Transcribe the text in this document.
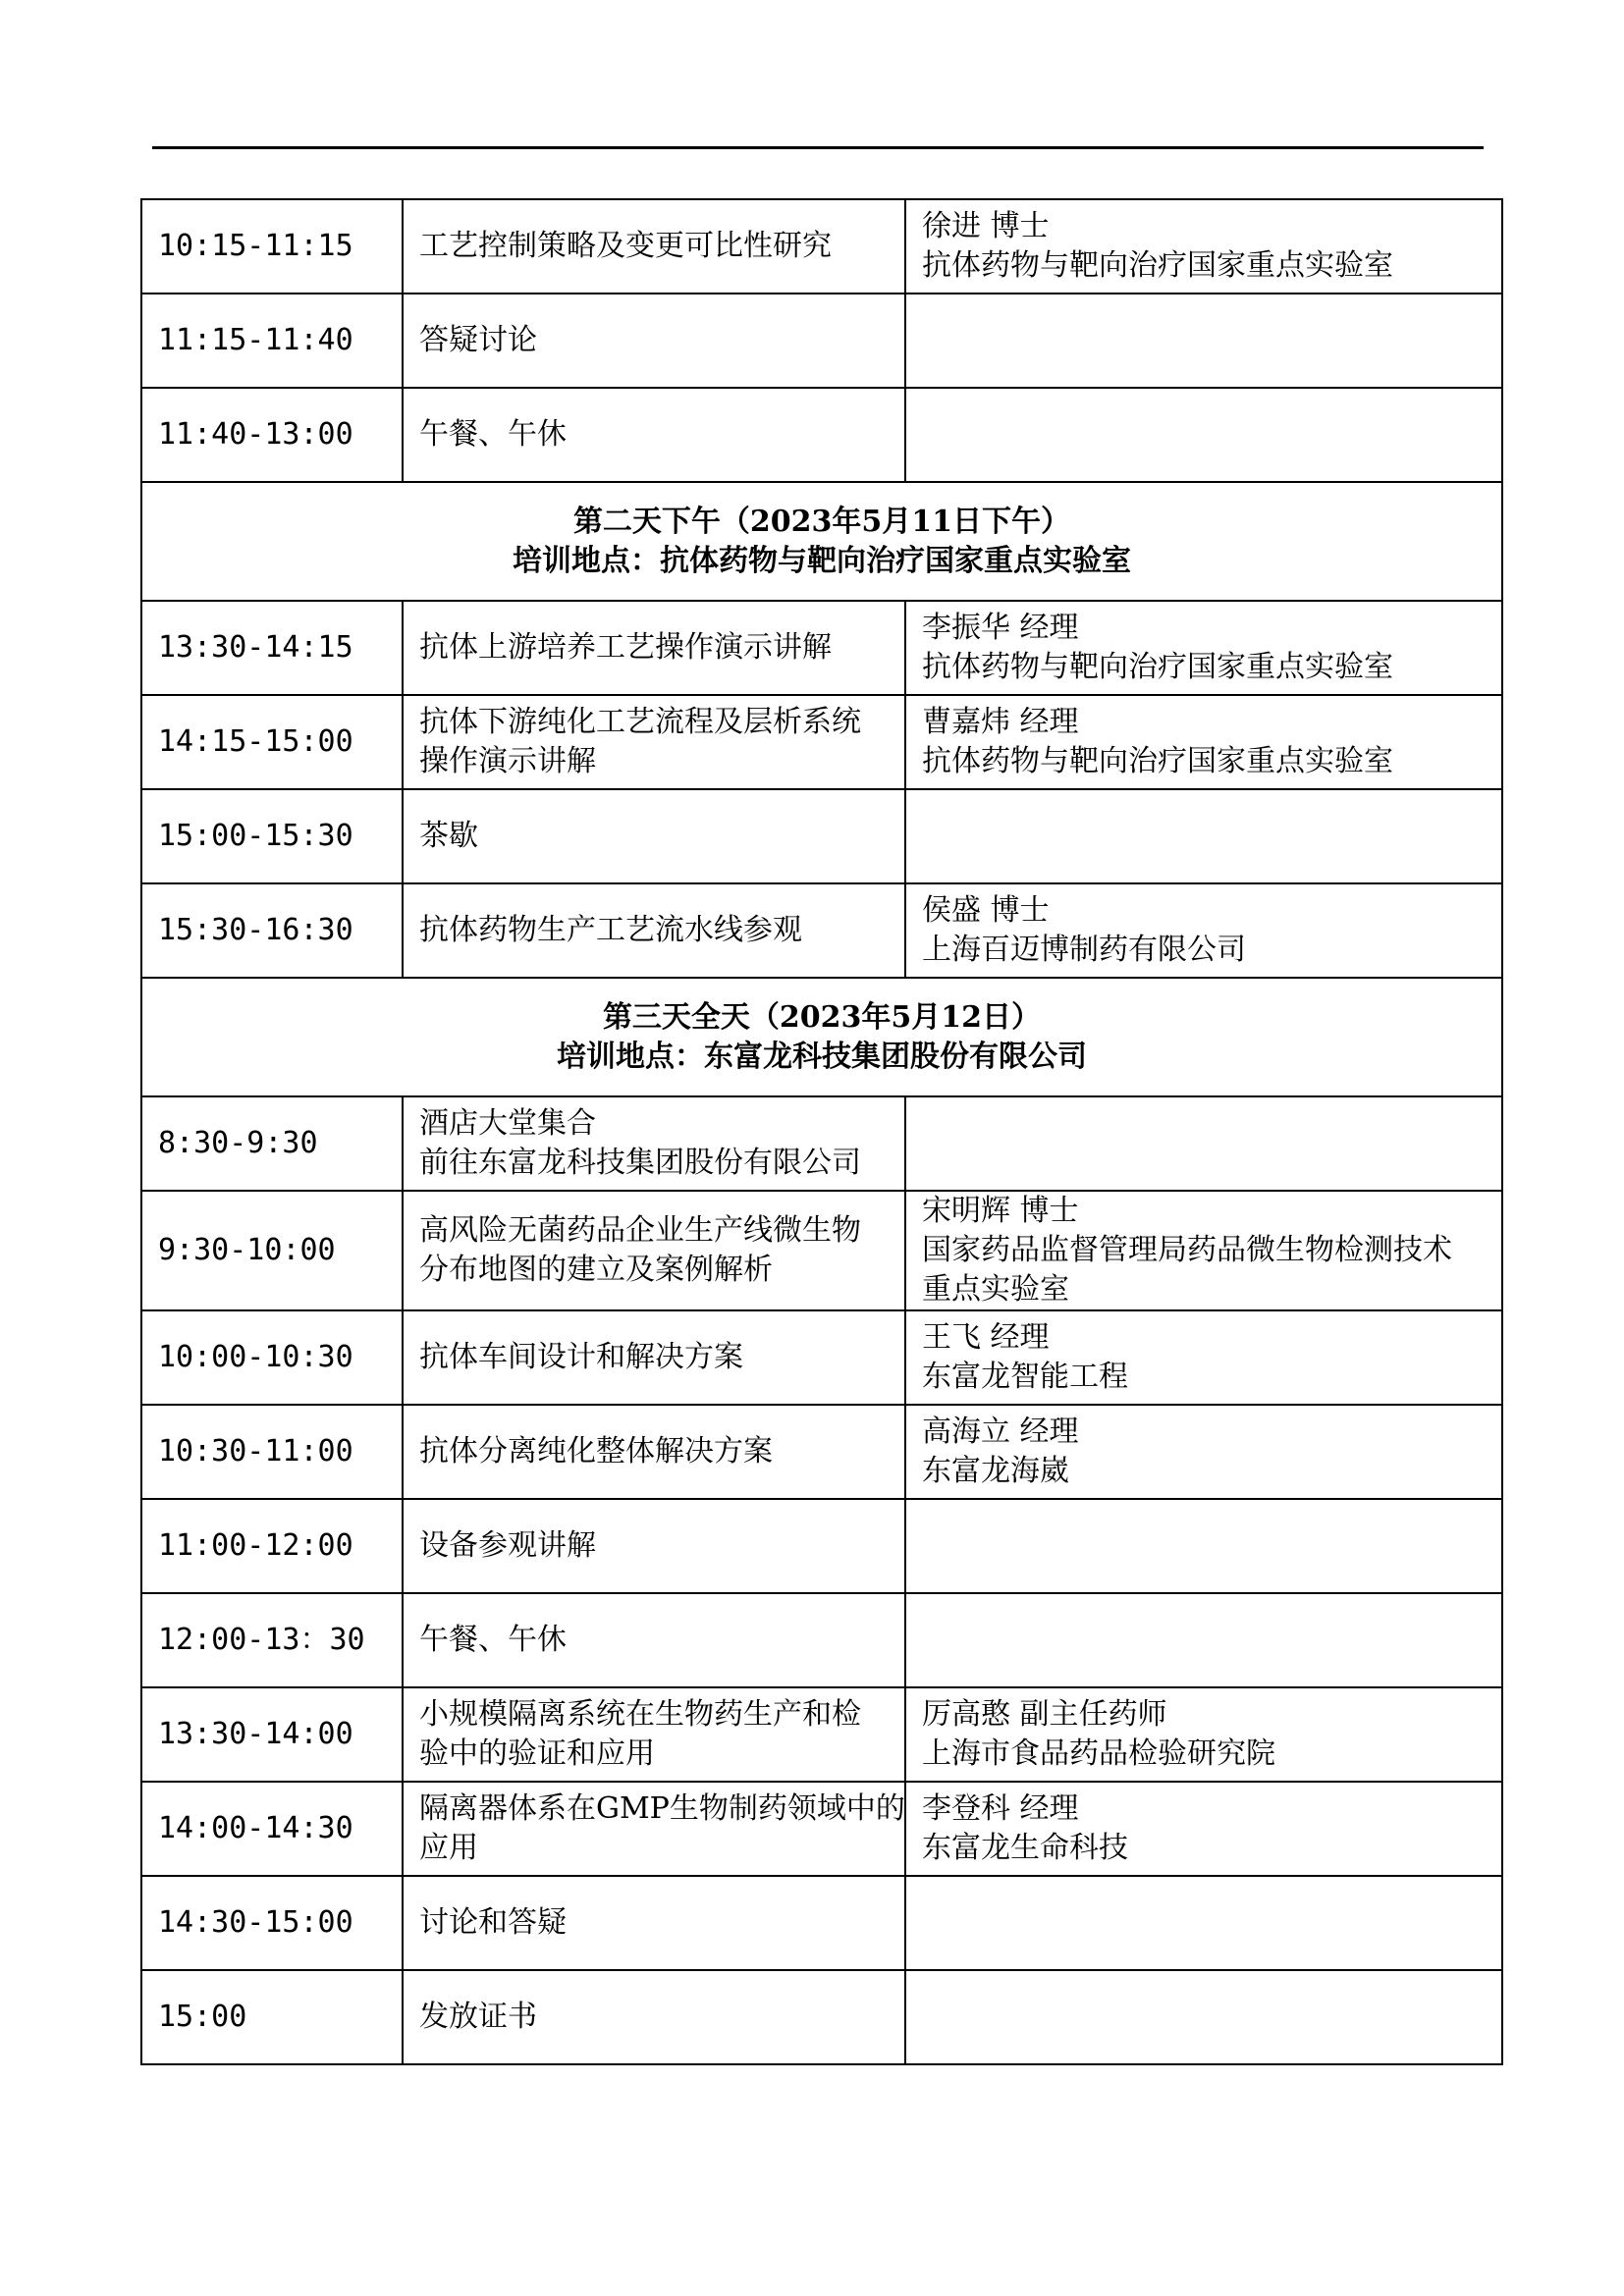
10:15-11:15	工艺控制策略及变更可比性研究	徐进 博士
抗体药物与靶向治疗国家重点实验室

11:15-11:40	答疑讨论	

11:40-13:00	午餐、午休	

第二天下午（2023年5月11日下午）
培训地点：抗体药物与靶向治疗国家重点实验室		

13:30-14:15	抗体上游培养工艺操作演示讲解	李振华 经理
抗体药物与靶向治疗国家重点实验室

14:15-15:00	抗体下游纯化工艺流程及层析系统
操作演示讲解	曹嘉炜 经理
抗体药物与靶向治疗国家重点实验室

15:00-15:30	茶歇	

15:30-16:30	抗体药物生产工艺流水线参观	侯盛 博士
上海百迈博制药有限公司

第三天全天（2023年5月12日）
培训地点：东富龙科技集团股份有限公司		

8:30-9:30	酒店大堂集合
前往东富龙科技集团股份有限公司	

9:30-10:00	高风险无菌药品企业生产线微生物
分布地图的建立及案例解析	宋明辉 博士
国家药品监督管理局药品微生物检测技术
重点实验室

10:00-10:30	抗体车间设计和解决方案	王飞 经理
东富龙智能工程

10:30-11:00	抗体分离纯化整体解决方案	高海立 经理
东富龙海崴

11:00-12:00	设备参观讲解	

12:00-13：30	午餐、午休	

13:30-14:00	小规模隔离系统在生物药生产和检
验中的验证和应用	厉高憨 副主任药师
上海市食品药品检验研究院

14:00-14:30	隔离器体系在GMP生物制药领域中的
应用	李登科 经理
东富龙生命科技

14:30-15:00	讨论和答疑	

15:00	发放证书	
